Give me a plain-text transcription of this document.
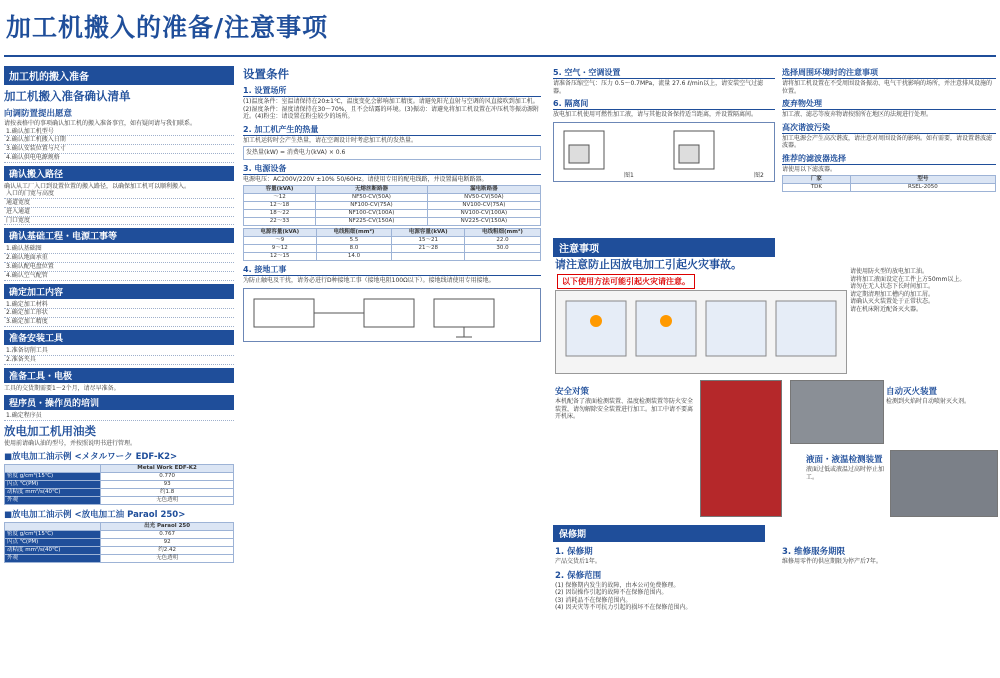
加工机搬入的准备/注意事项
加工机的搬入准备
加工机搬入准备确认清单
向调防置提出愿意
请按表格中的事项确认加工机的搬入准备事宜，如有疑问请与我们联系。
1.确认加工机型号
2.确认加工机搬入日期
3.确认安装位置与尺寸
4.确认供电电源规格
确认搬入路径
确认从工厂入口到设置位置的搬入路径，以确保加工机可以顺利搬入。
入口的门宽与高度
通道宽度
进入通道
门口宽度
确认基础工程・电源工事等
1.确认基础图
2.确认地面承重
3.确认配电盘位置
4.确认空气配管
确定加工内容
1.确定加工材料
2.确定加工形状
3.确定加工精度
准备安装工具
1.准备切削工具
2.准备夹具
准备工具・电极
工具的交货期需要1～2个月，请尽早准备。
程序员・操作员的培训
1.确定程序员
放电加工机用油类
使用前请确认油的型号，并按照说明书进行管理。
■放电加工油示例 <メタルワーク EDF-K2>
	Metal Work EDF-K2
密度 g/cm³(15℃)	0.770
闪点 ℃(PM)	93
动粘度 mm²/s(40℃)	约1.8
外观	无色透明
■放电加工油示例 <放电加工油 Paraol 250>
	出光 Paraol 250
密度 g/cm³(15℃)	0.767
闪点 ℃(PM)	92
动粘度 mm²/s(40℃)	约2.42
外观	无色透明
设置条件
1. 设置场所
(1)温度条件：室温请保持在20±1℃，温度变化会影响加工精度。请避免阳光直射与空调的风直接吹到加工机。(2)湿度条件：湿度请保持在30～70%，且不会结露的环境。(3)振动：请避免将加工机设置在冲压机等振动源附近。(4)粉尘：请设置在粉尘较少的场所。
2. 加工机产生的热量
加工机运转时会产生热量，请在空调设计时考虑加工机的发热量。
发热量(kW) = 消费电力(kVA) × 0.6
3. 电源设备
电源电压：AC200V/220V ±10% 50/60Hz。请使用专用的配电线路，并设置漏电断路器。
容量(kVA)	无熔丝断路器	漏电断路器
～12	NF50-CV(50A)	NV50-CV(50A)
12～18	NF100-CV(75A)	NV100-CV(75A)
18～22	NF100-CV(100A)	NV100-CV(100A)
22～33	NF225-CV(150A)	NV225-CV(150A)
电源容量(kVA)	电线粗细(mm²)	电源容量(kVA)	电线粗细(mm²)
～9	5.5	15～21	22.0
9～12	8.0	21～28	30.0
12～15	14.0		
4. 接地工事
为防止触电及干扰，请务必进行D种接地工事（接地电阻100Ω以下）。接地线请使用专用接地。
5. 空气・空调设置
请准备压缩空气：压力 0.5～0.7MPa，流量 27.6 ℓ/min以上，请安装空气过滤器。
6. 隔离间
放电加工机使用可燃性加工液，请与其他设备保持适当距离，并设置隔离间。
图1	图2
注意事项
请注意防止因放电加工引起火灾事故。
以下使用方法可能引起火灾请注意。
安全对策
本机配备了液面检测装置、温度检测装置等防火安全装置，请勿解除安全装置进行加工。加工中请不要离开机床。
选择周围环境时的注意事项
请将加工机设置在不受周围设备振动、电气干扰影响的场所，并注意排风设施的位置。
废弃物处理
加工液、滤芯等废弃物请按照所在地区的法规进行处理。
高次谐波污染
加工电源会产生高次谐波，请注意对周围设备的影响。如有需要，请设置谐波滤波器。
推荐的滤波器选择
请使用以下滤波器。
厂家	型号
TDK	RSEL-2050
请使用防火型的放电加工油。
请将加工液面设定在工件上方50mm以上。
请勿在无人状态下长时间加工。
请定期清理加工槽内的加工屑。
请确认灭火装置处于正常状态。
请在机床附近配备灭火器。
自动灭火装置
检测到火焰时自动喷射灭火剂。
液面・液温检测装置
液面过低或液温过高时停止加工。
保修期
1. 保修期
产品交货后1年。
2. 保修范围
(1) 保修期内发生的故障，由本公司免费修理。
(2) 因误操作引起的故障不在保修范围内。
(3) 消耗品不在保修范围内。
(4) 因天灾等不可抗力引起的损坏不在保修范围内。
3. 维修服务期限
维修用零件的供应期限为停产后7年。
